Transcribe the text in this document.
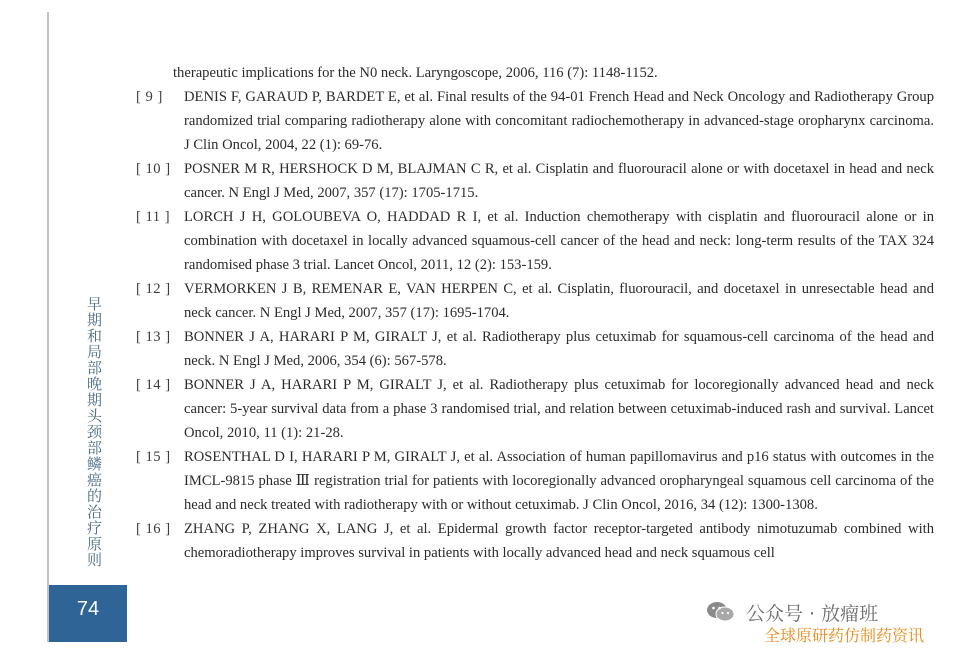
早期和局部晚期头颈部鳞癌的治疗原则
74
therapeutic implications for the N0 neck. Laryngoscope, 2006, 116 (7): 1148-1152.
[ 9 ] DENIS F, GARAUD P, BARDET E, et al. Final results of the 94-01 French Head and Neck Oncology and Radiotherapy Group randomized trial comparing radiotherapy alone with concomitant radiochemotherapy in advanced-stage oropharynx carcinoma. J Clin Oncol, 2004, 22 (1): 69-76.
[ 10 ] POSNER M R, HERSHOCK D M, BLAJMAN C R, et al. Cisplatin and fluorouracil alone or with docetaxel in head and neck cancer. N Engl J Med, 2007, 357 (17): 1705-1715.
[ 11 ] LORCH J H, GOLOUBEVA O, HADDAD R I, et al. Induction chemotherapy with cisplatin and fluorouracil alone or in combination with docetaxel in locally advanced squamous-cell cancer of the head and neck: long-term results of the TAX 324 randomised phase 3 trial. Lancet Oncol, 2011, 12 (2): 153-159.
[ 12 ] VERMORKEN J B, REMENAR E, VAN HERPEN C, et al. Cisplatin, fluorouracil, and docetaxel in unresectable head and neck cancer. N Engl J Med, 2007, 357 (17): 1695-1704.
[ 13 ] BONNER J A, HARARI P M, GIRALT J, et al. Radiotherapy plus cetuximab for squamous-cell carcinoma of the head and neck. N Engl J Med, 2006, 354 (6): 567-578.
[ 14 ] BONNER J A, HARARI P M, GIRALT J, et al. Radiotherapy plus cetuximab for locoregionally advanced head and neck cancer: 5-year survival data from a phase 3 randomised trial, and relation between cetuximab-induced rash and survival. Lancet Oncol, 2010, 11 (1): 21-28.
[ 15 ] ROSENTHAL D I, HARARI P M, GIRALT J, et al. Association of human papillomavirus and p16 status with outcomes in the IMCL-9815 phase Ⅲ registration trial for patients with locoregionally advanced oropharyngeal squamous cell carcinoma of the head and neck treated with radiotherapy with or without cetuximab. J Clin Oncol, 2016, 34 (12): 1300-1308.
[ 16 ] ZHANG P, ZHANG X, LANG J, et al. Epidermal growth factor receptor-targeted antibody nimotuzumab combined with chemoradiotherapy improves survival in patients with locally advanced head and neck squamous cell
公众号 · 放瘤班
全球原研药仿制药资讯
